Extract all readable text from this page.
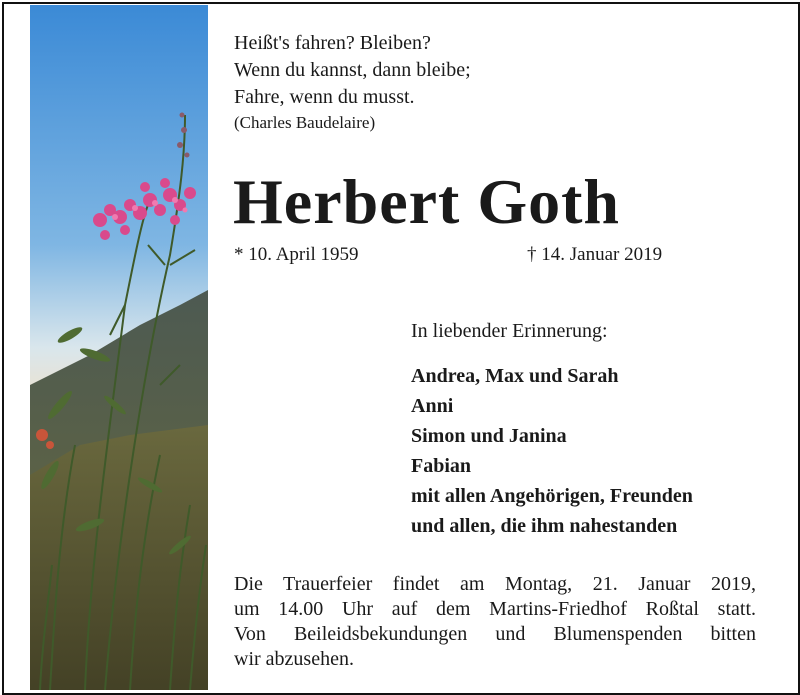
Heißt's fahren? Bleiben?
Wenn du kannst, dann bleibe;
Fahre, wenn du musst.
(Charles Baudelaire)
Herbert Goth
* 10. April 1959	† 14. Januar 2019
In liebender Erinnerung:
Andrea, Max und Sarah
Anni
Simon und Janina
Fabian
mit allen Angehörigen, Freunden
und allen, die ihm nahestanden
Die Trauerfeier findet am Montag, 21. Januar 2019,
um 14.00 Uhr auf dem Martins-Friedhof Roßtal statt.
Von Beileidsbekundungen und Blumenspenden bitten
wir abzusehen.
